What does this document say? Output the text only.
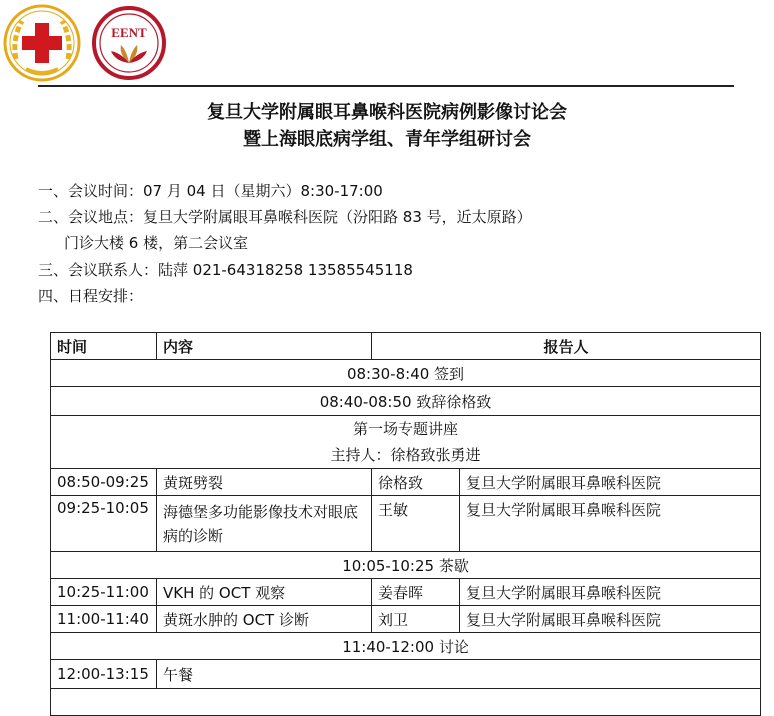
EENT
复旦大学附属眼耳鼻喉科医院病例影像讨论会
暨上海眼底病学组、青年学组研讨会
一、会议时间：07 月 04 日（星期六）8:30-17:00
二、会议地点：复旦大学附属眼耳鼻喉科医院（汾阳路 83 号，近太原路）
门诊大楼 6 楼，第二会议室
三、会议联系人：陆萍 021-64318258 13585545118
四、日程安排：
时间	内容	报告人	
08:30-8:40 签到			
08:40-08:50 致辞徐格致			

第一场专题讲座
主持人：徐格致张勇进			

08:50-09:25	黄斑劈裂	徐格致	复旦大学附属眼耳鼻喉科医院
09:25-10:05	海德堡多功能影像技术对眼底病的诊断	王敏	复旦大学附属眼耳鼻喉科医院
10:05-10:25 茶歇			
10:25-11:00	VKH 的 OCT 观察	姜春晖	复旦大学附属眼耳鼻喉科医院
11:00-11:40	黄斑水肿的 OCT 诊断	刘卫	复旦大学附属眼耳鼻喉科医院
11:40-12:00 讨论			
12:00-13:15	午餐		
